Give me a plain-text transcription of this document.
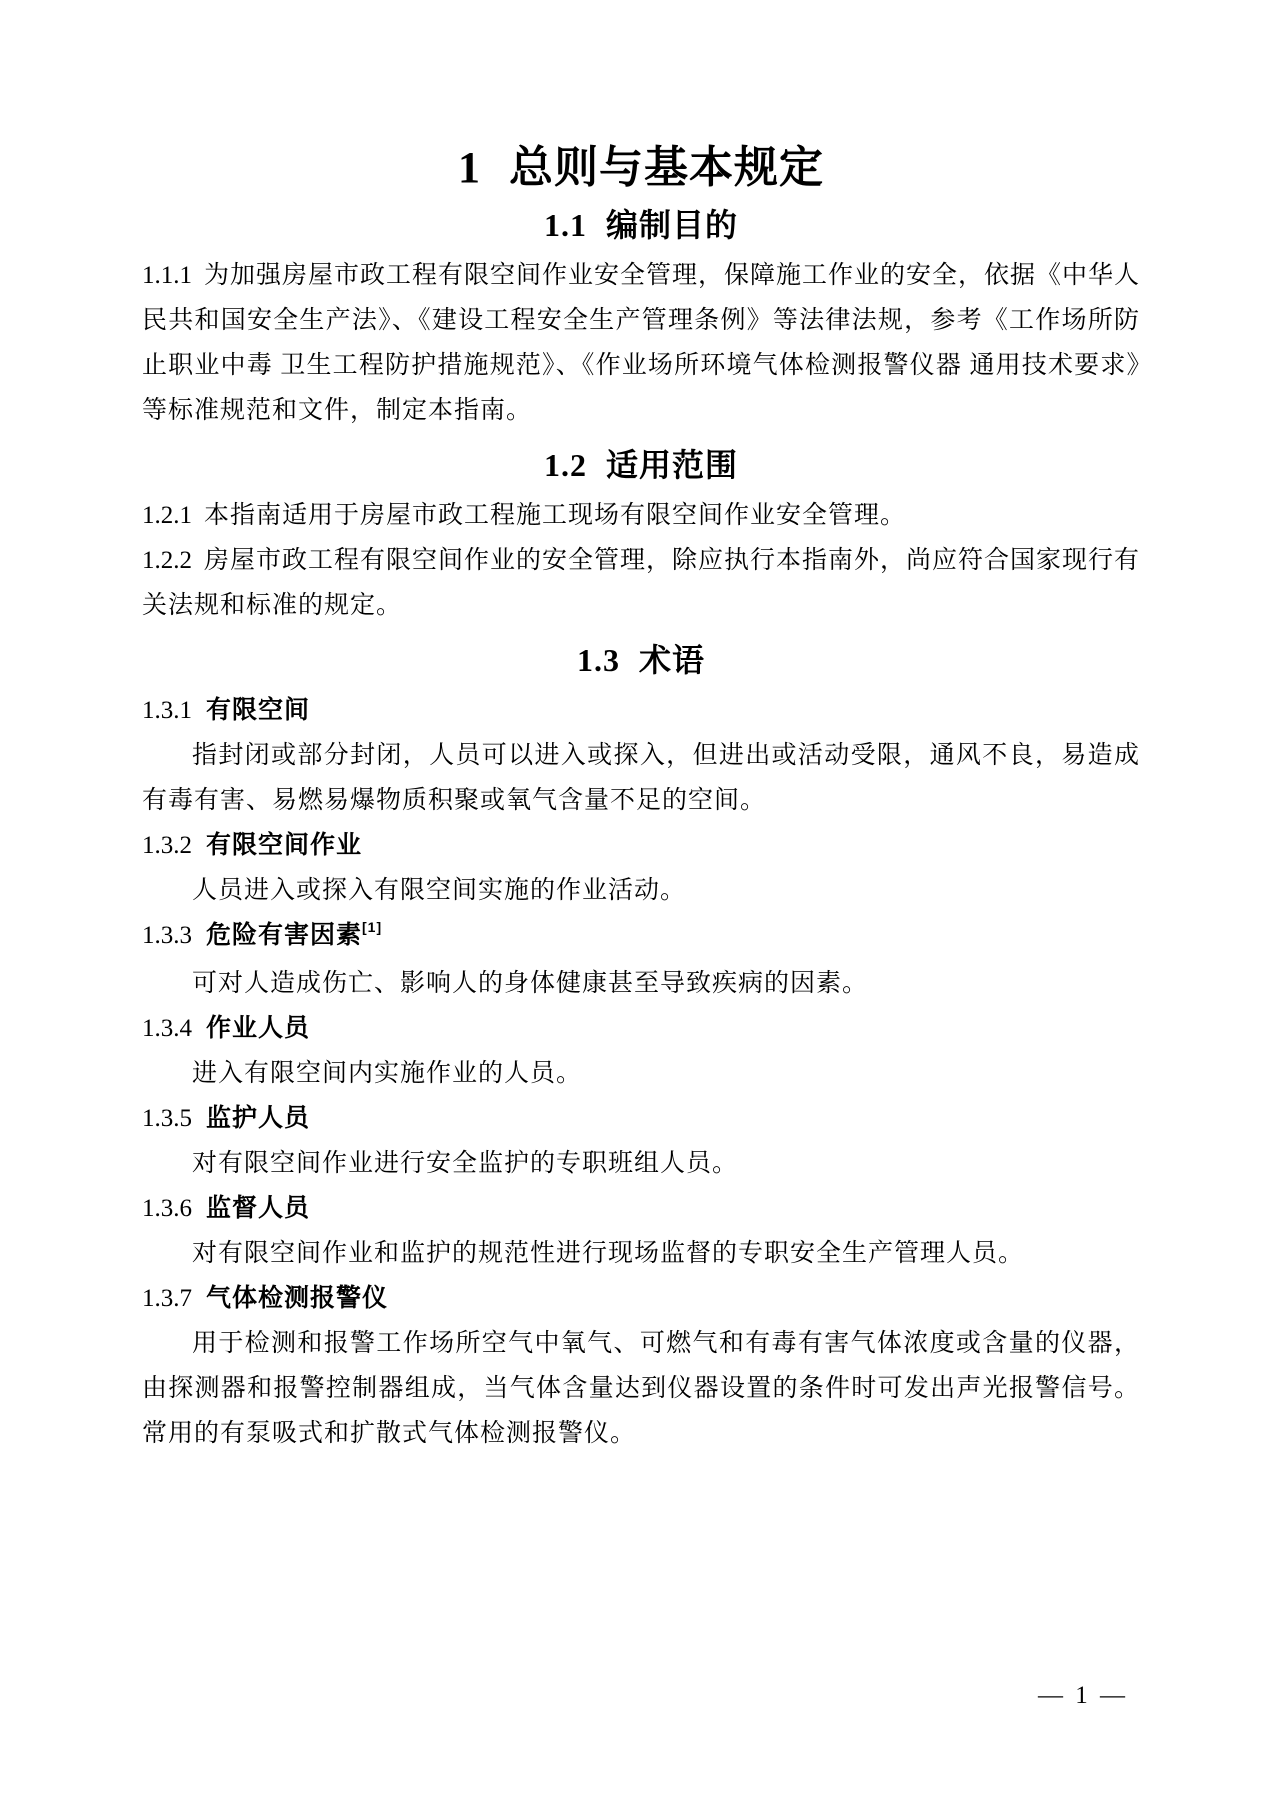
1 总则与基本规定
1.1 编制目的

1.1.1 为加强房屋市政工程有限空间作业安全管理，保障施工作业的安全，依据《中华人民共和国安全生产法》、《建设工程安全生产管理条例》等法律法规，参考《工作场所防止职业中毒 卫生工程防护措施规范》、《作业场所环境气体检测报警仪器 通用技术要求》等标准规范和文件，制定本指南。

1.2 适用范围

1.2.1 本指南适用于房屋市政工程施工现场有限空间作业安全管理。

1.2.2 房屋市政工程有限空间作业的安全管理，除应执行本指南外，尚应符合国家现行有关法规和标准的规定。

1.3 术语

1.3.1 有限空间

指封闭或部分封闭，人员可以进入或探入，但进出或活动受限，通风不良，易造成有毒有害、易燃易爆物质积聚或氧气含量不足的空间。

1.3.2 有限空间作业

人员进入或探入有限空间实施的作业活动。

1.3.3 危险有害因素[1]

可对人造成伤亡、影响人的身体健康甚至导致疾病的因素。

1.3.4 作业人员

进入有限空间内实施作业的人员。

1.3.5 监护人员

对有限空间作业进行安全监护的专职班组人员。

1.3.6 监督人员

对有限空间作业和监护的规范性进行现场监督的专职安全生产管理人员。

1.3.7 气体检测报警仪

用于检测和报警工作场所空气中氧气、可燃气和有毒有害气体浓度或含量的仪器，由探测器和报警控制器组成，当气体含量达到仪器设置的条件时可发出声光报警信号。常用的有泵吸式和扩散式气体检测报警仪。

— 1 —
